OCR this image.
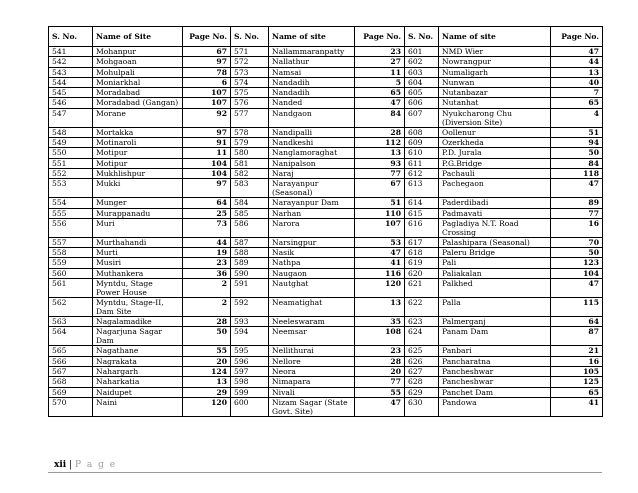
S. No.	Name of Site	Page No.	S. No.	Name of site	Page No.	S. No.	Name of site	Page No.
541	Mohanpur	67	571	Nallammaranpatty	23	601	NMD Wier	47
542	Mohgaoan	97	572	Nallathur	27	602	Nowrangpur	44
543	Mohulpali	78	573	Namsai	11	603	Numaligarh	13
544	Moniarkhal	6	574	Nandadih	5	604	Nunwan	40
545	Moradabad	107	575	Nandadih	65	605	Nutanbazar	7
546	Moradabad (Gangan)	107	576	Nanded	47	606	Nutanhat	65
547	Morane	92	577	Nandgaon	84	607	Nyukcharong Chu (Diversion Site)	4
548	Mortakka	97	578	Nandipalli	28	608	Oollenur	51
549	Motinaroli	91	579	Nandkeshi	112	609	Ozerkheda	94
550	Motipur	11	580	Nanglamoraghat	13	610	P.D. Jurala	50
551	Motipur	104	581	Nanipalson	93	611	P.G.Bridge	84
552	Mukhlishpur	104	582	Naraj	77	612	Pachauli	118
553	Mukki	97	583	Narayanpur (Seasonal)	67	613	Pachegaon	47
554	Munger	64	584	Narayanpur Dam	51	614	Paderdibadi	89
555	Murappanadu	25	585	Narhan	110	615	Padmavati	77
556	Muri	73	586	Narora	107	616	Pagladiya N.T. Road Crossing	16
557	Murthahandi	44	587	Narsingpur	53	617	Palashipara (Seasonal)	70
558	Murti	19	588	Nasik	47	618	Paleru Bridge	50
559	Musiri	23	589	Nathpa	41	619	Pali	123
560	Muthankera	36	590	Naugaon	116	620	Paliakalan	104
561	Myntdu, Stage Power House	2	591	Nautghat	120	621	Palkhed	47
562	Myntdu, Stage-II, Dam Site	2	592	Neamatighat	13	622	Palla	115
563	Nagalamadike	28	593	Neeleswaram	35	623	Palmerganj	64
564	Nagarjuna Sagar Dam	50	594	Neemsar	108	624	Panam Dam	87
565	Nagathane	55	595	Nellithurai	23	625	Panbari	21
566	Nagrakata	20	596	Nellore	28	626	Pancharatna	16
567	Nahargarh	124	597	Neora	20	627	Pancheshwar	105
568	Naharkatia	13	598	Nimapara	77	628	Pancheshwar	125
569	Naidupet	29	599	Nivali	55	629	Panchet Dam	65
570	Naini	120	600	Nizam Sagar (State Govt. Site)	47	630	Pandowa	41
xii | P a g e
